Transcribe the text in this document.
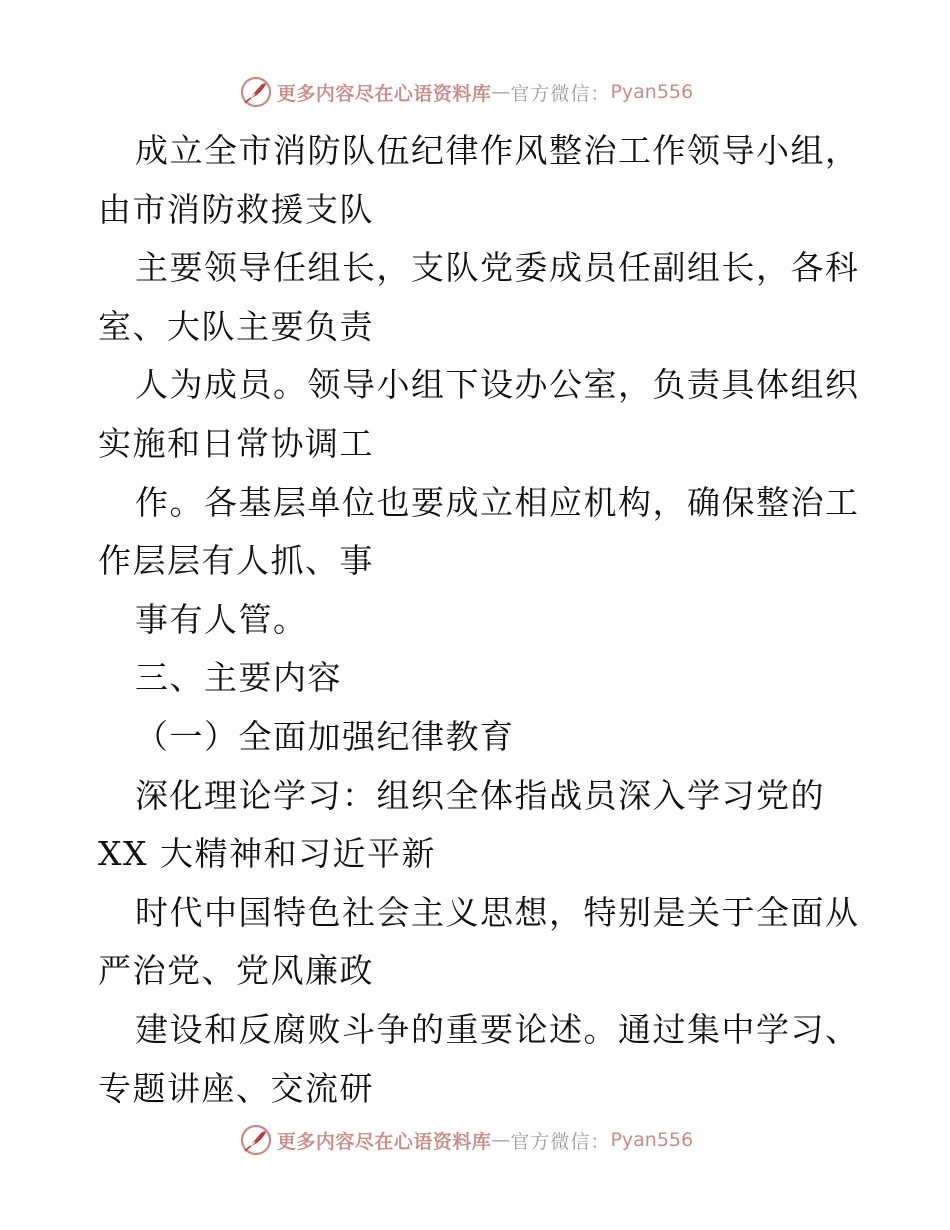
更多内容尽在心语资料库 — 官方微信： Pyan556
成立全市消防队伍纪律作风整治工作领导小组，
由市消防救援支队
主要领导任组长，支队党委成员任副组长，各科
室、大队主要负责
人为成员。领导小组下设办公室，负责具体组织
实施和日常协调工
作。各基层单位也要成立相应机构，确保整治工
作层层有人抓、事
事有人管。
三、主要内容
（一）全面加强纪律教育
深化理论学习：组织全体指战员深入学习党的
XX 大精神和习近平新
时代中国特色社会主义思想，特别是关于全面从
严治党、党风廉政
建设和反腐败斗争的重要论述。通过集中学习、
专题讲座、交流研
更多内容尽在心语资料库 — 官方微信： Pyan556
